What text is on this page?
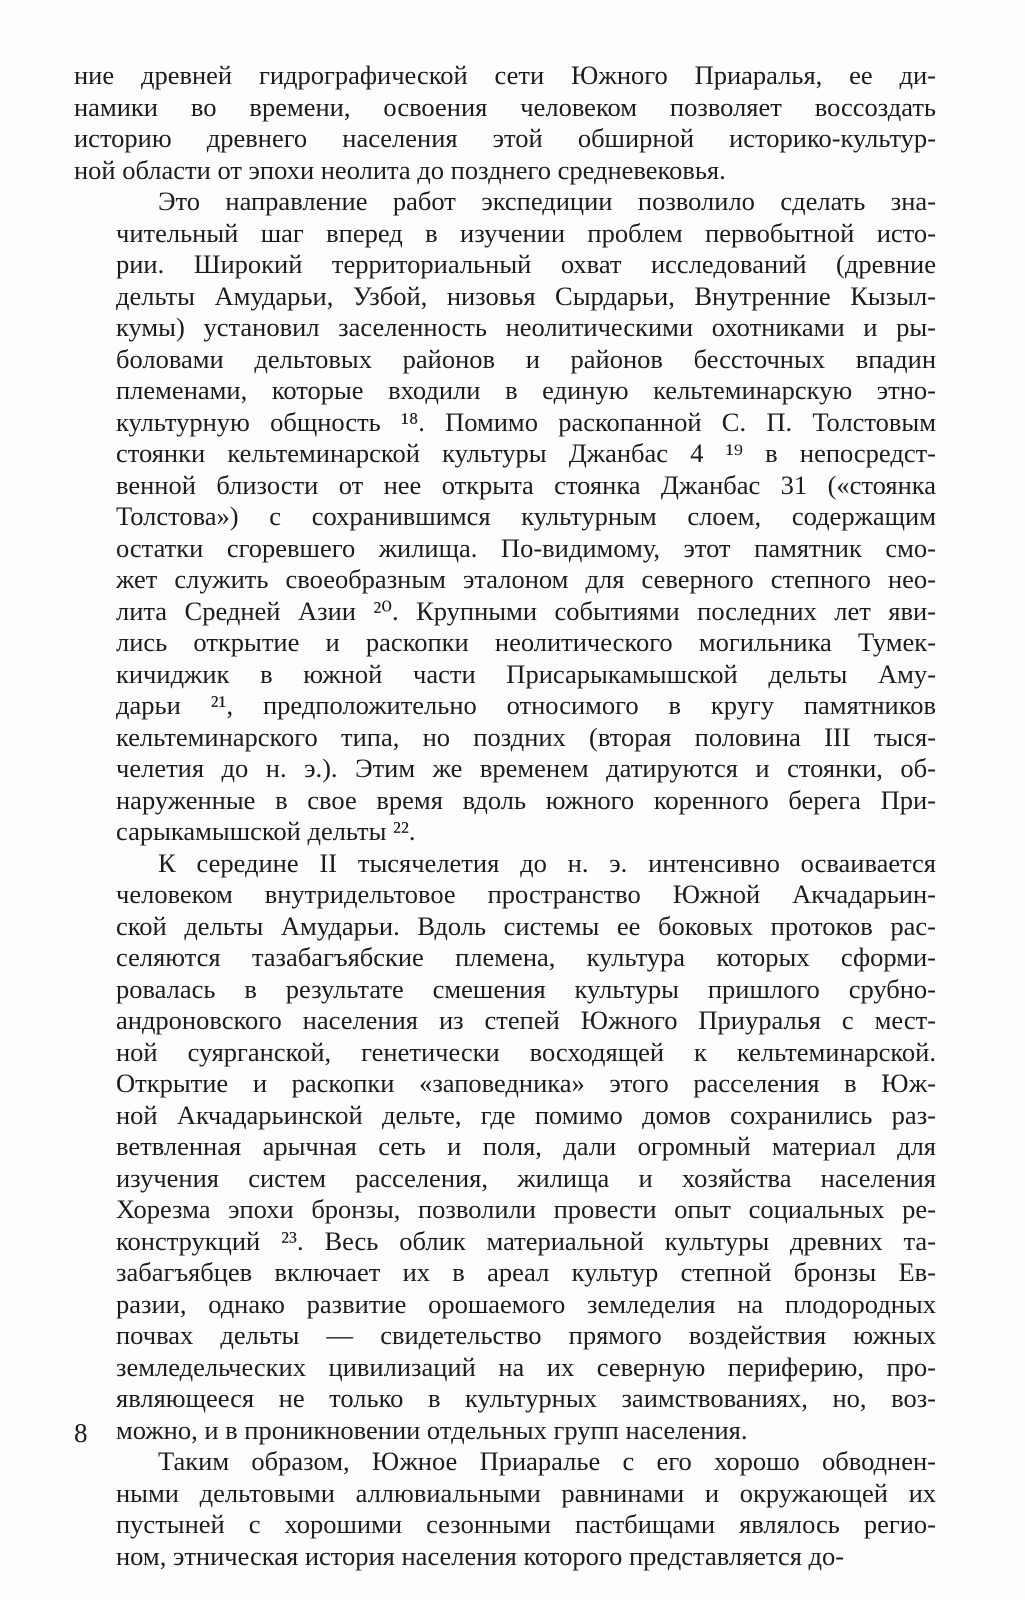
ние древней гидрографической сети Южного Приаралья, ее ди-
намики во времени, освоения человеком позволяет воссоздать
историю древнего населения этой обширной историко-культур-
ной области от эпохи неолита до позднего средневековья.
Это направление работ экспедиции позволило сделать зна-
чительный шаг вперед в изучении проблем первобытной исто-
рии. Широкий территориальный охват исследований (древние
дельты Амударьи, Узбой, низовья Сырдарьи, Внутренние Кызыл-
кумы) установил заселенность неолитическими охотниками и ры-
боловами дельтовых районов и районов бессточных впадин
племенами, которые входили в единую кельтеминарскую этно-
культурную общность ¹⁸. Помимо раскопанной С. П. Толстовым
стоянки кельтеминарской культуры Джанбас 4 ¹⁹ в непосредст-
венной близости от нее открыта стоянка Джанбас 31 («стоянка
Толстова») с сохранившимся культурным слоем, содержащим
остатки сгоревшего жилища. По-видимому, этот памятник смо-
жет служить своеобразным эталоном для северного степного нео-
лита Средней Азии ²⁰. Крупными событиями последних лет яви-
лись открытие и раскопки неолитического могильника Тумек-
кичиджик в южной части Присарыкамышской дельты Аму-
дарьи ²¹, предположительно относимого в кругу памятников
кельтеминарского типа, но поздних (вторая половина III тыся-
челетия до н. э.). Этим же временем датируются и стоянки, об-
наруженные в свое время вдоль южного коренного берега При-
сарыкамышской дельты ²².
К середине II тысячелетия до н. э. интенсивно осваивается
человеком внутридельтовое пространство Южной Акчадарьин-
ской дельты Амударьи. Вдоль системы ее боковых протоков рас-
селяются тазабагъябские племена, культура которых сформи-
ровалась в результате смешения культуры пришлого срубно-
андроновского населения из степей Южного Приуралья с мест-
ной суярганской, генетически восходящей к кельтеминарской.
Открытие и раскопки «заповедника» этого расселения в Юж-
ной Акчадарьинской дельте, где помимо домов сохранились раз-
ветвленная арычная сеть и поля, дали огромный материал для
изучения систем расселения, жилища и хозяйства населения
Хорезма эпохи бронзы, позволили провести опыт социальных ре-
конструкций ²³. Весь облик материальной культуры древних та-
забагъябцев включает их в ареал культур степной бронзы Ев-
разии, однако развитие орошаемого земледелия на плодородных
почвах дельты — свидетельство прямого воздействия южных
земледельческих цивилизаций на их северную периферию, про-
являющееся не только в культурных заимствованиях, но, воз-
можно, и в проникновении отдельных групп населения.
Таким образом, Южное Приаралье с его хорошо обводнен-
ными дельтовыми аллювиальными равнинами и окружающей их
пустыней с хорошими сезонными пастбищами являлось регио-
ном, этническая история населения которого представляется до-
8
